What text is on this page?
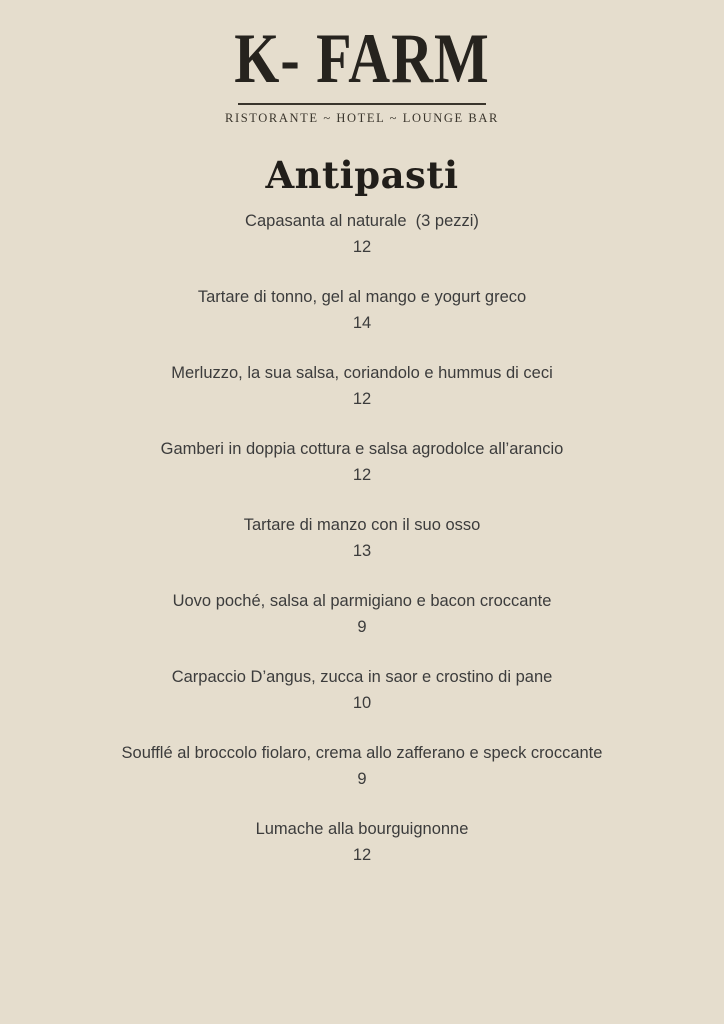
K- FARM
RISTORANTE ~ HOTEL ~ LOUNGE BAR
Antipasti
Capasanta al naturale  (3 pezzi)
12
Tartare di tonno, gel al mango e yogurt greco
14
Merluzzo, la sua salsa, coriandolo e hummus di ceci
12
Gamberi in doppia cottura e salsa agrodolce all’arancio
12
Tartare di manzo con il suo osso
13
Uovo poché, salsa al parmigiano e bacon croccante
9
Carpaccio D’angus, zucca in saor e crostino di pane
10
Soufflé al broccolo fiolaro, crema allo zafferano e speck croccante
9
Lumache alla bourguignonne
12
